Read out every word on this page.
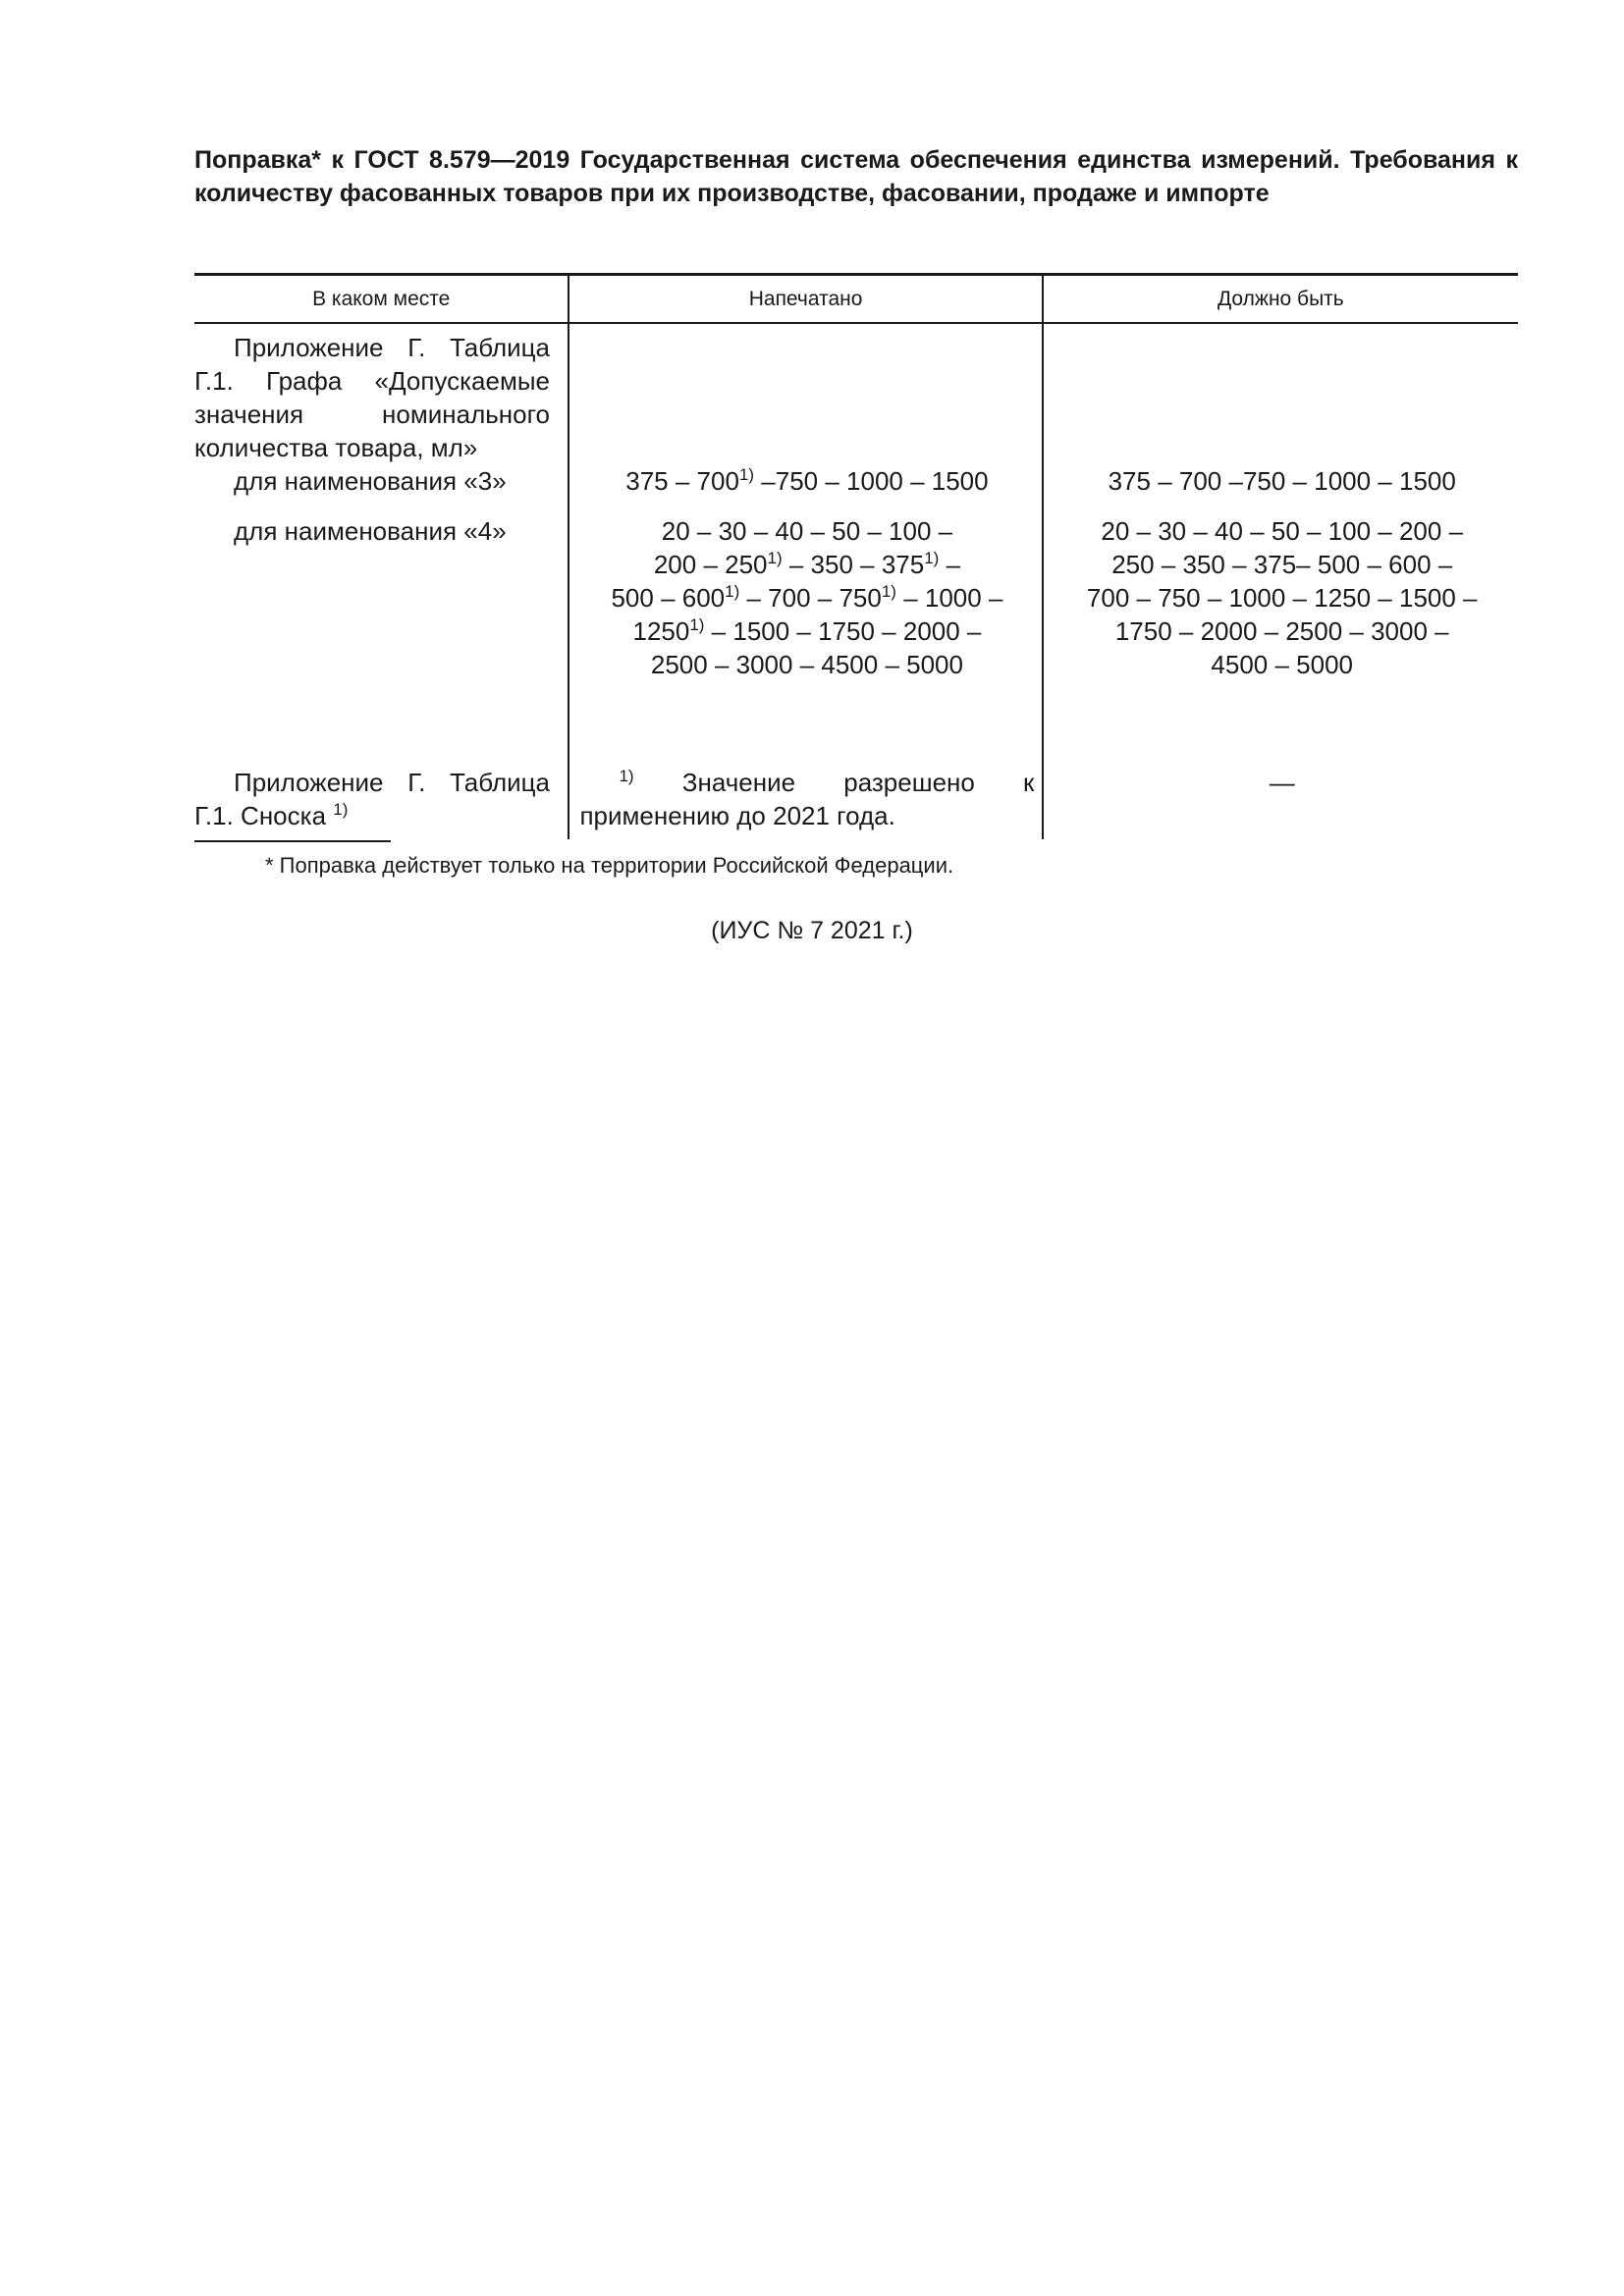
Поправка* к ГОСТ 8.579—2019 Государственная система обеспечения единства измерений. Требования к количеству фасованных товаров при их производстве, фасовании, продаже и импорте

В каком месте	Напечатано	Должно быть
Приложение Г. Таблица Г.1. Графа «Допускаемые значения номинального количества товара, мл»
для наименования «3»
для наименования «4»
Приложение Г. Таблица Г.1. Сноска $^{1)}$
375 – 700$^{1)}$ –750 – 1000 – 1500
20 – 30 – 40 – 50 – 100 –
200 – 250$^{1)}$ – 350 – 375$^{1)}$ –
500 – 600$^{1)}$ – 700 – 750$^{1)}$ – 1000 –
1250$^{1)}$ – 1500 – 1750 – 2000 –
2500 – 3000 – 4500 – 5000
$^{1)}$ Значение разрешено к применению до 2021 года.
375 – 700 –750 – 1000 – 1500
20 – 30 – 40 – 50 – 100 – 200 –
250 – 350 – 375– 500 – 600 –
700 – 750 – 1000 – 1250 – 1500 –
1750 – 2000 – 2500 – 3000 –
4500 – 5000
—
* Поправка действует только на территории Российской Федерации.
(ИУС № 7 2021 г.)
